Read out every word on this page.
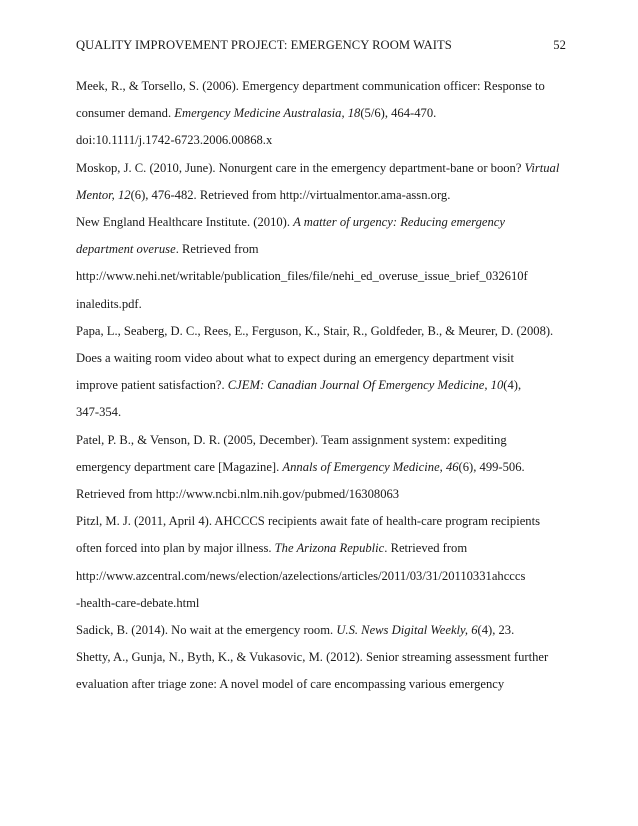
QUALITY IMPROVEMENT PROJECT: EMERGENCY ROOM WAITS	52

Meek, R., & Torsello, S. (2006). Emergency department communication officer: Response to
consumer demand. Emergency Medicine Australasia, 18(5/6), 464-470.
doi:10.1111/j.1742-6723.2006.00868.x

Moskop, J. C. (2010, June). Nonurgent care in the emergency department-bane or boon? Virtual
Mentor, 12(6), 476-482. Retrieved from http://virtualmentor.ama-assn.org.

New England Healthcare Institute. (2010). A matter of urgency: Reducing emergency
department overuse. Retrieved from
http://www.nehi.net/writable/publication_files/file/nehi_ed_overuse_issue_brief_032610f
inaledits.pdf.

Papa, L., Seaberg, D. C., Rees, E., Ferguson, K., Stair, R., Goldfeder, B., & Meurer, D. (2008).
Does a waiting room video about what to expect during an emergency department visit
improve patient satisfaction?. CJEM: Canadian Journal Of Emergency Medicine, 10(4),
347-354.

Patel, P. B., & Venson, D. R. (2005, December). Team assignment system: expediting
emergency department care [Magazine]. Annals of Emergency Medicine, 46(6), 499-506.
Retrieved from http://www.ncbi.nlm.nih.gov/pubmed/16308063

Pitzl, M. J. (2011, April 4). AHCCCS recipients await fate of health-care program recipients
often forced into plan by major illness. The Arizona Republic. Retrieved from
http://www.azcentral.com/news/election/azelections/articles/2011/03/31/20110331ahcccs
-health-care-debate.html

Sadick, B. (2014). No wait at the emergency room. U.S. News Digital Weekly, 6(4), 23.

Shetty, A., Gunja, N., Byth, K., & Vukasovic, M. (2012). Senior streaming assessment further
evaluation after triage zone: A novel model of care encompassing various emergency
